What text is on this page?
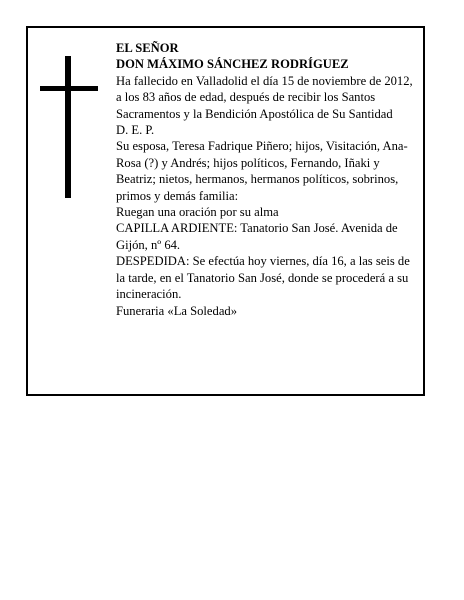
EL SEÑOR

DON MÁXIMO SÁNCHEZ RODRÍGUEZ

Ha fallecido en Valladolid el día 15 de noviembre de 2012, a los 83 años de edad, después de recibir los Santos Sacramentos y la Bendición Apostólica de Su Santidad

D. E. P.

Su esposa, Teresa Fadrique Piñero; hijos, Visitación, Ana-Rosa (?) y Andrés; hijos políticos, Fernando, Iñaki y Beatriz; nietos, hermanos, hermanos políticos, sobrinos, primos y demás familia:

Ruegan una oración por su alma

CAPILLA ARDIENTE: Tanatorio San José. Avenida de Gijón, nº 64.

DESPEDIDA: Se efectúa hoy viernes, día 16, a las seis de la tarde, en el Tanatorio San José, donde se procederá a su incineración.

Funeraria «La Soledad»
